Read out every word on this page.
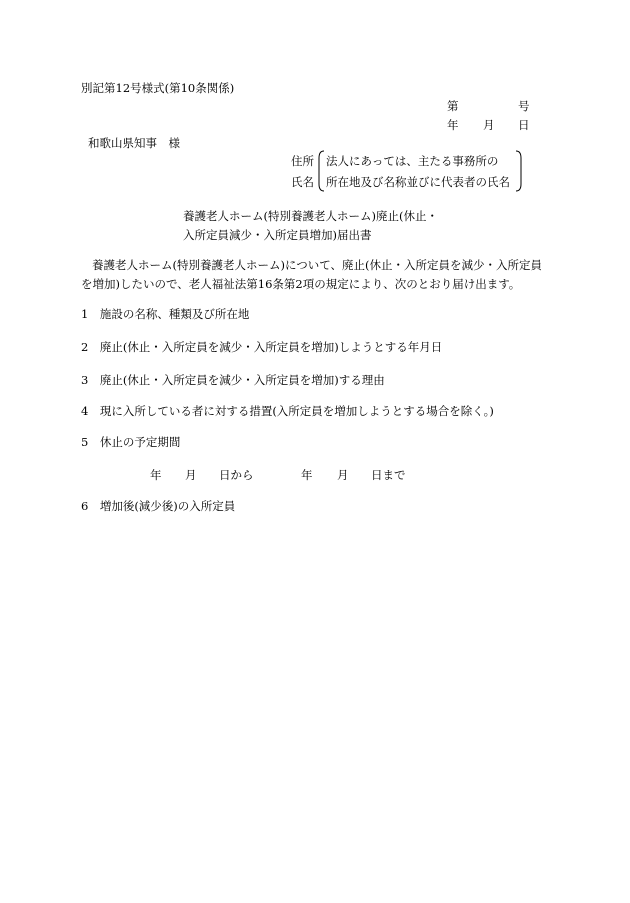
別記第12号様式(第10条関係)
第	号
年 月 日
和歌山県知事　様
住所
氏名
法人にあっては、主たる事務所の
所在地及び名称並びに代表者の氏名
養護老人ホーム(特別養護老人ホーム)廃止(休止・
入所定員減少・入所定員増加)届出書
養護老人ホーム(特別養護老人ホーム)について、廃止(休止・入所定員を減少・入所定員
を増加)したいので、老人福祉法第16条第2項の規定により、次のとおり届け出ます。
1　施設の名称、種類及び所在地
2　廃止(休止・入所定員を減少・入所定員を増加)しようとする年月日
3　廃止(休止・入所定員を減少・入所定員を増加)する理由
4　現に入所している者に対する措置(入所定員を増加しようとする場合を除く。)
5　休止の予定期間
年 月 日から	年 月 日まで
6　増加後(減少後)の入所定員
